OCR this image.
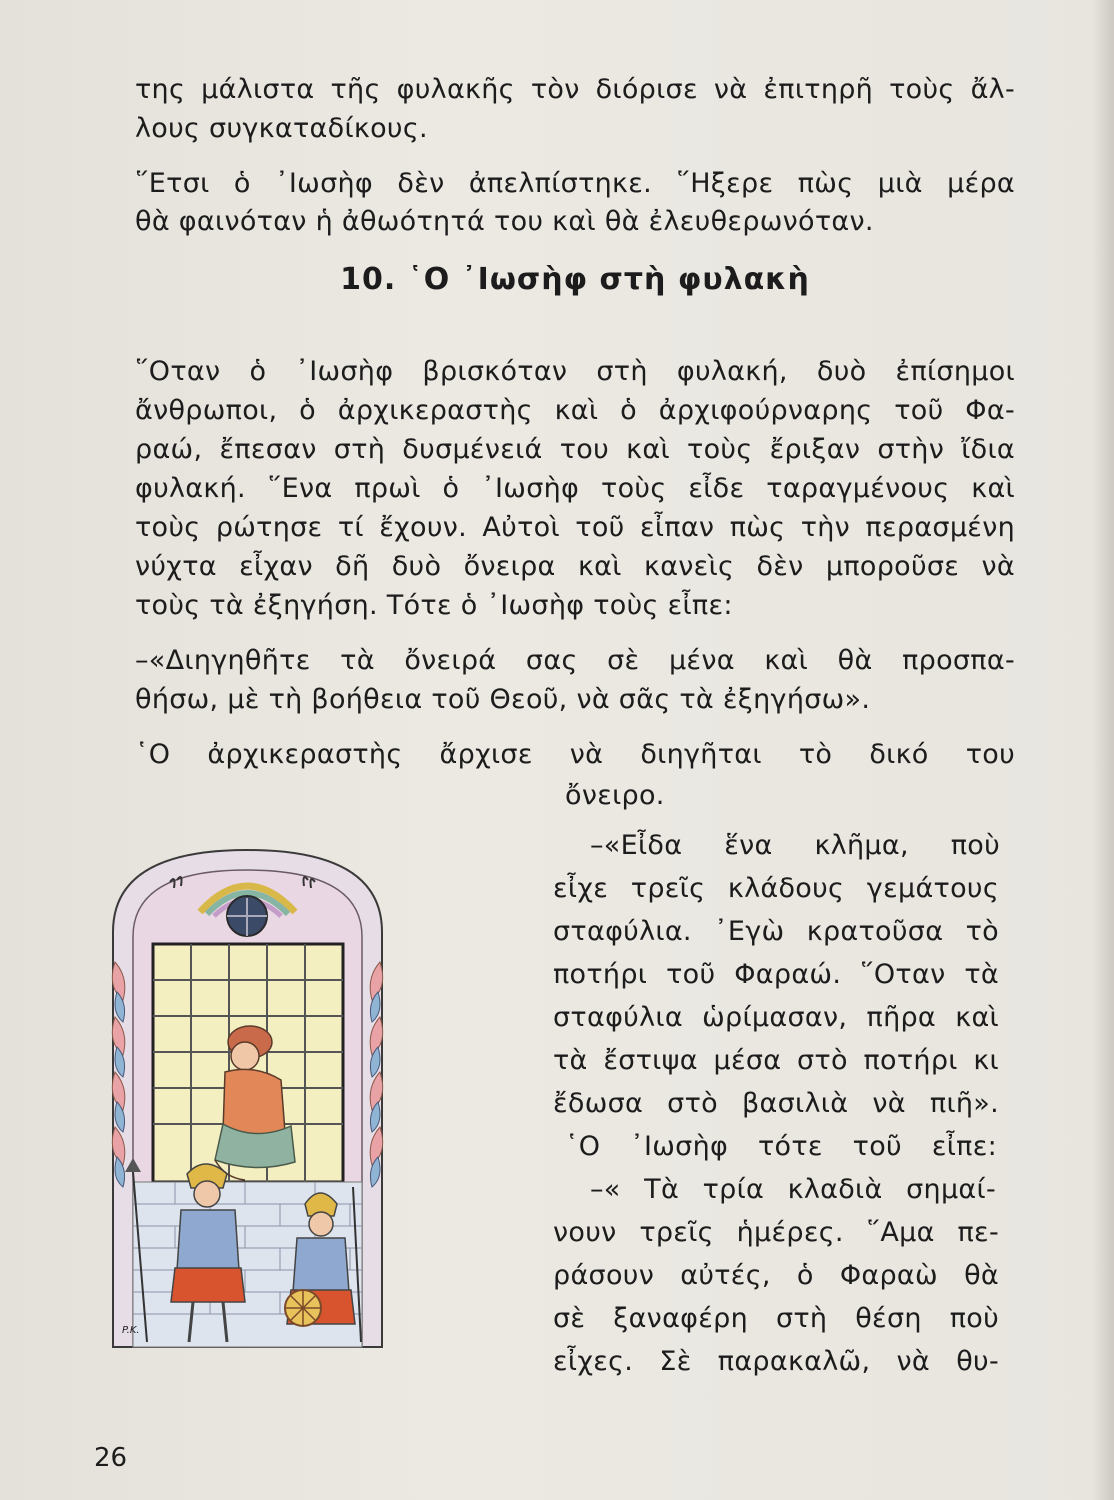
της μάλιστα τῆς φυλακῆς τὸν διόρισε νὰ ἐπιτηρῆ τοὺς ἄλ-
λους συγκαταδίκους.
῞Ετσι ὁ ᾽Ιωσὴφ δὲν ἀπελπίστηκε. ῞Ηξερε πὼς μιὰ μέρα
θὰ φαινόταν ἡ ἀθωότητά του καὶ θὰ ἐλευθερωνόταν.
10. ῾Ο ᾽Ιωσὴφ στὴ φυλακὴ
῞Οταν ὁ ᾽Ιωσὴφ βρισκόταν στὴ φυλακή, δυὸ ἐπίσημοι
ἄνθρωποι, ὁ ἀρχικεραστὴς καὶ ὁ ἀρχιφούρναρης τοῦ Φα-
ραώ, ἔπεσαν στὴ δυσμένειά του καὶ τοὺς ἔριξαν στὴν ἴδια
φυλακή. ῞Ενα πρωὶ ὁ ᾽Ιωσὴφ τοὺς εἶδε ταραγμένους καὶ
τοὺς ρώτησε τί ἔχουν. Αὐτοὶ τοῦ εἶπαν πὼς τὴν περασμένη
νύχτα εἶχαν δῆ δυὸ ὄνειρα καὶ κανεὶς δὲν μποροῦσε νὰ
τοὺς τὰ ἐξηγήση. Τότε ὁ ᾽Ιωσὴφ τοὺς εἶπε:
–«Διηγηθῆτε τὰ ὄνειρά σας σὲ μένα καὶ θὰ προσπα-
θήσω, μὲ τὴ βοήθεια τοῦ Θεοῦ, νὰ σᾶς τὰ ἐξηγήσω».
῾Ο ἀρχικεραστὴς ἄρχισε νὰ διηγῆται τὸ δικό του
ὄνειρο.
–«Εἶδα ἕνα κλῆμα, ποὺ
εἶχε τρεῖς κλάδους γεμάτους
σταφύλια. ᾽Εγὼ κρατοῦσα τὸ
ποτήρι τοῦ Φαραώ. ῞Οταν τὰ
σταφύλια ὡρίμασαν, πῆρα καὶ
τὰ ἔστιψα μέσα στὸ ποτήρι κι
ἔδωσα στὸ βασιλιὰ νὰ πιῆ».
῾Ο ᾽Ιωσὴφ τότε τοῦ εἶπε:
–« Τὰ τρία κλαδιὰ σημαί-
νουν τρεῖς ἡμέρες. ῞Αμα πε-
ράσουν αὐτές, ὁ Φαραὼ θὰ
σὲ ξαναφέρη στὴ θέση ποὺ
εἶχες. Σὲ παρακαλῶ, νὰ θυ-
P.K.
26
